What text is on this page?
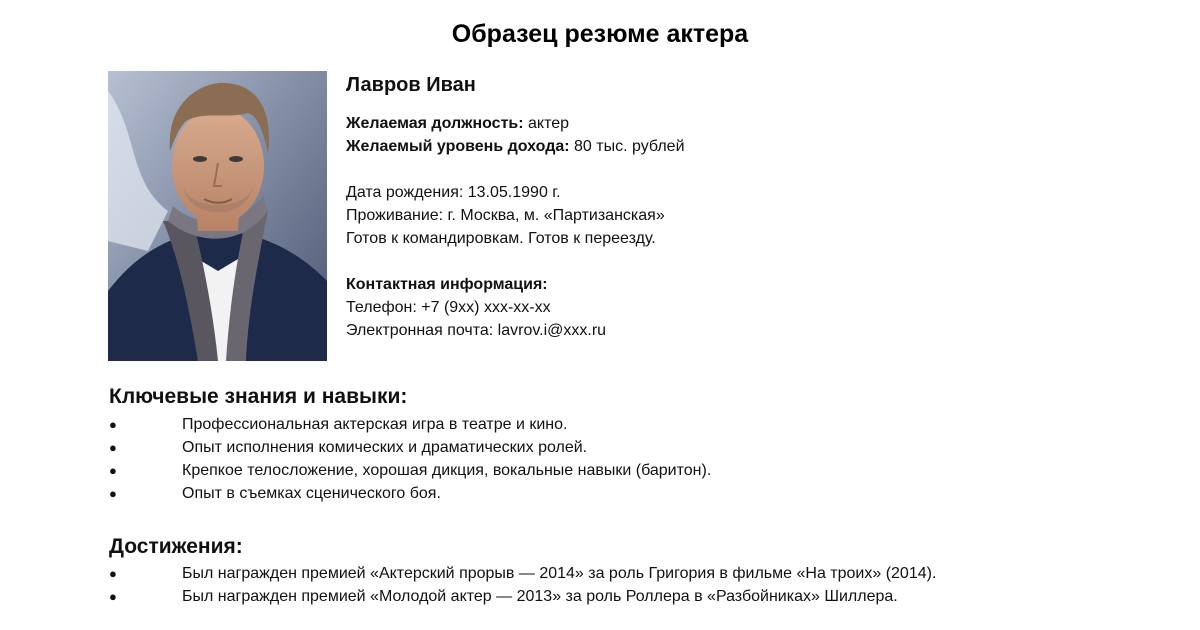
Образец резюме актера
Лавров Иван
Желаемая должность: актер
Желаемый уровень дохода: 80 тыс. рублей
Дата рождения: 13.05.1990 г.
Проживание: г. Москва, м. «Партизанская»
Готов к командировкам. Готов к переезду.
Контактная информация:
Телефон: +7 (9хх) ххх-хх-хх
Электронная почта: lavrov.i@xxx.ru
Ключевые знания и навыки:
●	Профессиональная актерская игра в театре и кино.
●	Опыт исполнения комических и драматических ролей.
●	Крепкое телосложение, хорошая дикция, вокальные навыки (баритон).
●	Опыт в съемках сценического боя.
Достижения:
●	Был награжден премией «Актерский прорыв — 2014» за роль Григория в фильме «На троих» (2014).
●	Был награжден премией «Молодой актер — 2013» за роль Роллера в «Разбойниках» Шиллера.
